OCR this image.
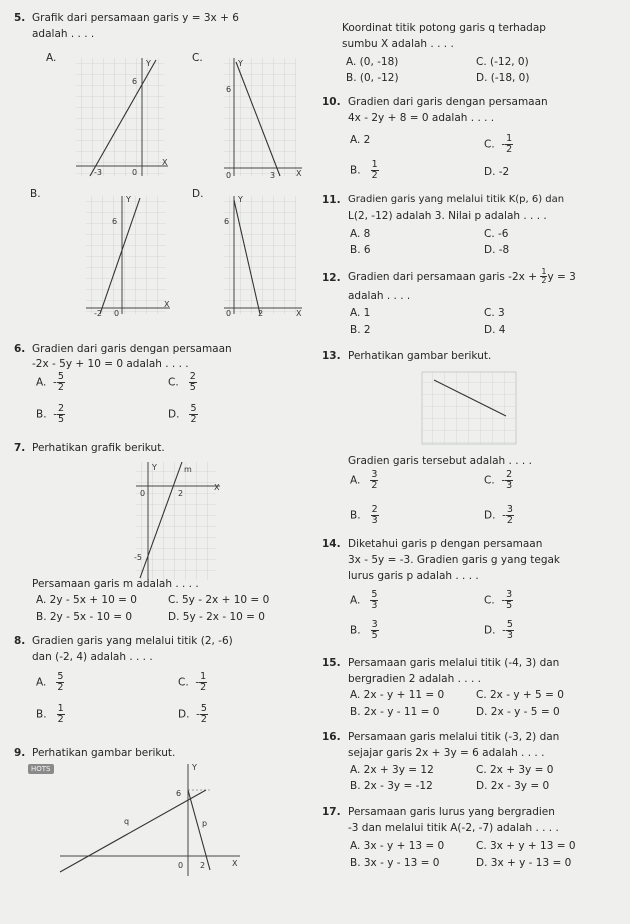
5. Grafik dari persamaan garis y = 3x + 6
adalah . . . .
A.	Y
X
6
-3	0
C.	Y
X
6
3
0
B.	Y
X
6
-2 0
D.	Y
X
6
2
0
6. Gradien dari garis dengan persamaan
-2x - 5y + 10 = 0 adalah . . . .
A. - $\frac{5}{2}$	C. $\frac{2}{5}$
B. - $\frac{2}{5}$	D. $\frac{5}{2}$
7. Perhatikan grafik berikut.
Y
X
m
0	2
-5
Persamaan garis m adalah . . . .
A. 2y - 5x + 10 = 0
B. 2y - 5x - 10 = 0
C. 5y - 2x + 10 = 0
D. 5y - 2x - 10 = 0
8. Gradien garis yang melalui titik (2, -6)
dan (-2, 4) adalah . . . .
A. $\frac{5}{2}$	C. - $\frac{1}{2}$
B. $\frac{1}{2}$	D. - $\frac{5}{2}$
9. Perhatikan gambar berikut.
HOTS	Y
X
q	p
6
2
0
Koordinat titik potong garis q terhadap
sumbu X adalah . . . .
A. (0, -18)
B. (0, -12)
C. (-12, 0)
D. (-18, 0)
10. Gradien dari garis dengan persamaan
4x - 2y + 8 = 0 adalah . . . .
A. 2
B. $\frac{1}{2}$
C. - $\frac{1}{2}$
D. -2
11. Gradien garis yang melalui titik K(p, 6) dan
L(2, -12) adalah 3. Nilai p adalah . . . .
A. 8
B. 6
C. -6
D. -8
12. Gradien dari persamaan garis $-2x + \frac{1}{2}$ y = 3
adalah . . . .
A. 1
B. 2
C. 3
D. 4
13. Perhatikan gambar berikut.
Gradien garis tersebut adalah . . . .
A. $\frac{3}{2}$	C. - $\frac{2}{3}$
B. $\frac{2}{3}$	D. - $\frac{3}{2}$
14. Diketahui garis p dengan persamaan
3x - 5y = -3. Gradien garis g yang tegak
lurus garis p adalah . . . .
A. $\frac{5}{3}$	C. - $\frac{3}{5}$
B. $\frac{3}{5}$	D. - $\frac{5}{3}$
15. Persamaan garis melalui titik (-4, 3) dan
bergradien 2 adalah . . . .
A. 2x - y + 11 = 0
B. 2x - y - 11 = 0
C. 2x - y + 5 = 0
D. 2x - y - 5 = 0
16. Persamaan garis melalui titik (-3, 2) dan
sejajar garis 2x + 3y = 6 adalah . . . .
A. 2x + 3y = 12
B. 2x - 3y = -12
C. 2x + 3y = 0
D. 2x - 3y = 0
17. Persamaan garis lurus yang bergradien
-3 dan melalui titik A(-2, -7) adalah . . . .
A. 3x - y + 13 = 0
B. 3x - y - 13 = 0
C. 3x + y + 13 = 0
D. 3x + y - 13 = 0
